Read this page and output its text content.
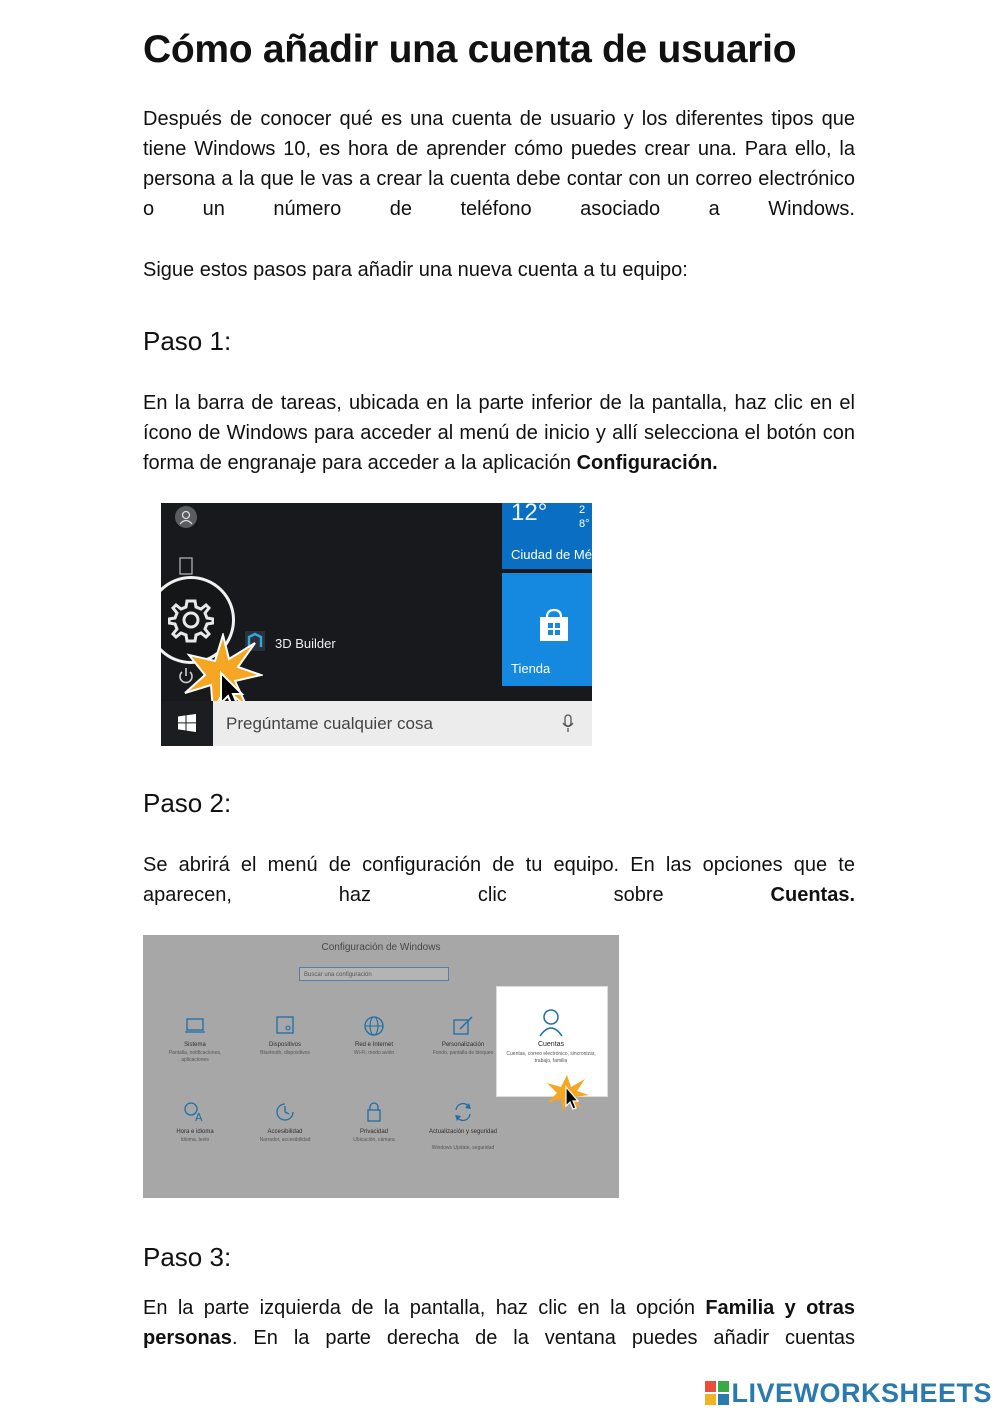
Cómo añadir una cuenta de usuario

Después de conocer qué es una cuenta de usuario y los diferentes tipos que tiene Windows 10, es hora de aprender cómo puedes crear una. Para ello, la persona a la que le vas a crear la cuenta debe contar con un correo electrónico o un número de teléfono asociado a Windows.

Sigue estos pasos para añadir una nueva cuenta a tu equipo:

Paso 1:

En la barra de tareas, ubicada en la parte inferior de la pantalla, haz clic en el ícono de Windows para acceder al menú de inicio y allí selecciona el botón con forma de engranaje para acceder a la aplicación Configuración.

12°	2
8°
Ciudad de Mé
Tienda
3D Builder
Pregúntame cualquier cosa
Paso 2:

Se abrirá el menú de configuración de tu equipo. En las opciones que te aparecen, haz clic sobre Cuentas.

Configuración de Windows
Buscar una configuración
Sistema
Pantalla, notificaciones, aplicaciones
Dispositivos
Bluetooth, dispositivos
Red e Internet
Wi-Fi, modo avión
Personalización
Fondo, pantalla de bloqueo
A
Hora e idioma
Idioma, texto
Accesibilidad
Narrador, accesibilidad
Privacidad
Ubicación, cámara
Actualización y seguridad
Windows Update, seguridad
Cuentas
Cuentas, correo electrónico, sincronizar, trabajo, familia
Paso 3:

En la parte izquierda de la pantalla, haz clic en la opción Familia y otras personas. En la parte derecha de la ventana puedes añadir cuentas

LIVEWORKSHEETS
